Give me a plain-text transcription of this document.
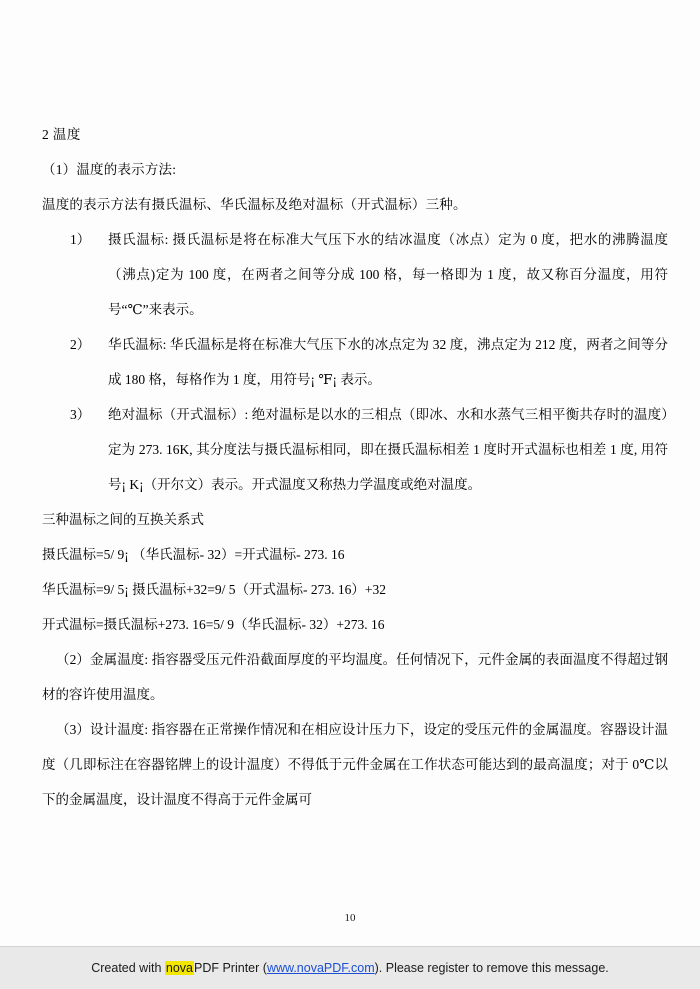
2 温度

（1）温度的表示方法:

温度的表示方法有摄氏温标、华氏温标及绝对温标（开式温标）三种。

1）	摄氏温标: 摄氏温标是将在标准大气压下水的结冰温度（冰点）定为 0 度，把水的沸腾温度（沸点)定为 100 度，在两者之间等分成 100 格，每一格即为 1 度，故又称百分温度，用符号“℃”来表示。
2）	华氏温标: 华氏温标是将在标准大气压下水的冰点定为 32 度，沸点定为 212 度，两者之间等分成 180 格，每格作为 1 度，用符号¡ ℉¡ 表示。
3）	绝对温标（开式温标）: 绝对温标是以水的三相点（即冰、水和水蒸气三相平衡共存时的温度）定为 273. 16K, 其分度法与摄氏温标相同，即在摄氏温标相差 1 度时开式温标也相差 1 度, 用符号¡ K¡（开尔文）表示。开式温度又称热力学温度或绝对温度。

三种温标之间的互换关系式

摄氏温标=5/ 9¡ （华氏温标- 32）=开式温标- 273. 16

华氏温标=9/ 5¡ 摄氏温标+32=9/ 5（开式温标- 273. 16）+32

开式温标=摄氏温标+273. 16=5/ 9（华氏温标- 32）+273. 16

（2）金属温度: 指容器受压元件沿截面厚度的平均温度。任何情况下，元件金属的表面温度不得超过钢材的容许使用温度。

（3）设计温度: 指容器在正常操作情况和在相应设计压力下，设定的受压元件的金属温度。容器设计温度（几即标注在容器铭牌上的设计温度）不得低于元件金属在工作状态可能达到的最高温度；对于 0℃以下的金属温度，设计温度不得高于元件金属可

10
Created with novaPDF Printer (www.novaPDF.com). Please register to remove this message.
